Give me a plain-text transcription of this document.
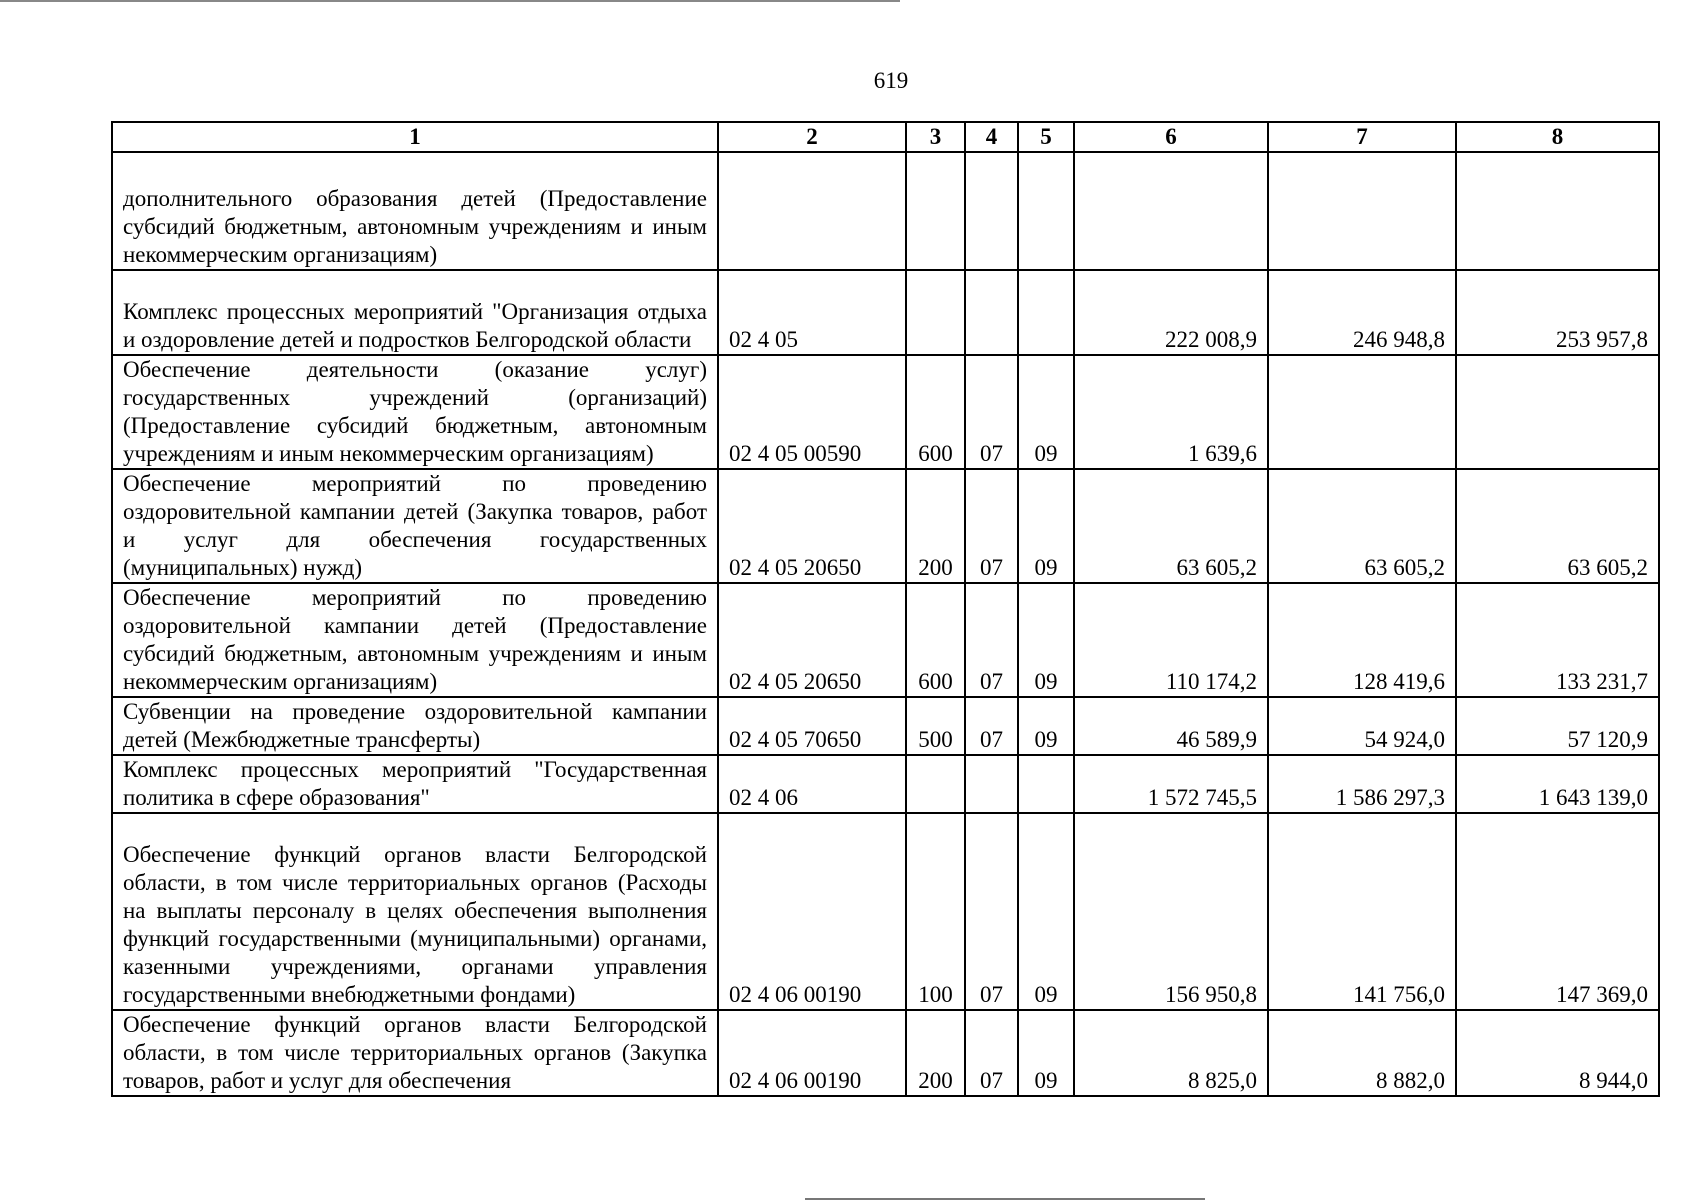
619
1	2	3	4	5	6	7	8
дополнительного образования детей (Предоставление субсидий бюджетным, автономным учреждениям и иным некоммерческим организациям)							
Комплекс процессных мероприятий "Организация отдыха и оздоровление детей и подростков Белгородской области	02 4 05				222 008,9	246 948,8	253 957,8
Обеспечение деятельности (оказание услуг) государственных учреждений (организаций) (Предоставление субсидий бюджетным, автономным учреждениям и иным некоммерческим организациям)	02 4 05 00590	600	07	09	1 639,6		
Обеспечение мероприятий по проведению оздоровительной кампании детей (Закупка товаров, работ и услуг для обеспечения государственных (муниципальных) нужд)	02 4 05 20650	200	07	09	63 605,2	63 605,2	63 605,2
Обеспечение мероприятий по проведению оздоровительной кампании детей (Предоставление субсидий бюджетным, автономным учреждениям и иным некоммерческим организациям)	02 4 05 20650	600	07	09	110 174,2	128 419,6	133 231,7
Субвенции на проведение оздоровительной кампании детей (Межбюджетные трансферты)	02 4 05 70650	500	07	09	46 589,9	54 924,0	57 120,9
Комплекс процессных мероприятий "Государственная политика в сфере образования"	02 4 06				1 572 745,5	1 586 297,3	1 643 139,0
Обеспечение функций органов власти Белгородской области, в том числе территориальных органов (Расходы на выплаты персоналу в целях обеспечения выполнения функций государственными (муниципальными) органами, казенными учреждениями, органами управления государственными внебюджетными фондами)	02 4 06 00190	100	07	09	156 950,8	141 756,0	147 369,0
Обеспечение функций органов власти Белгородской области, в том числе территориальных органов (Закупка товаров, работ и услуг для обеспечения	02 4 06 00190	200	07	09	8 825,0	8 882,0	8 944,0
